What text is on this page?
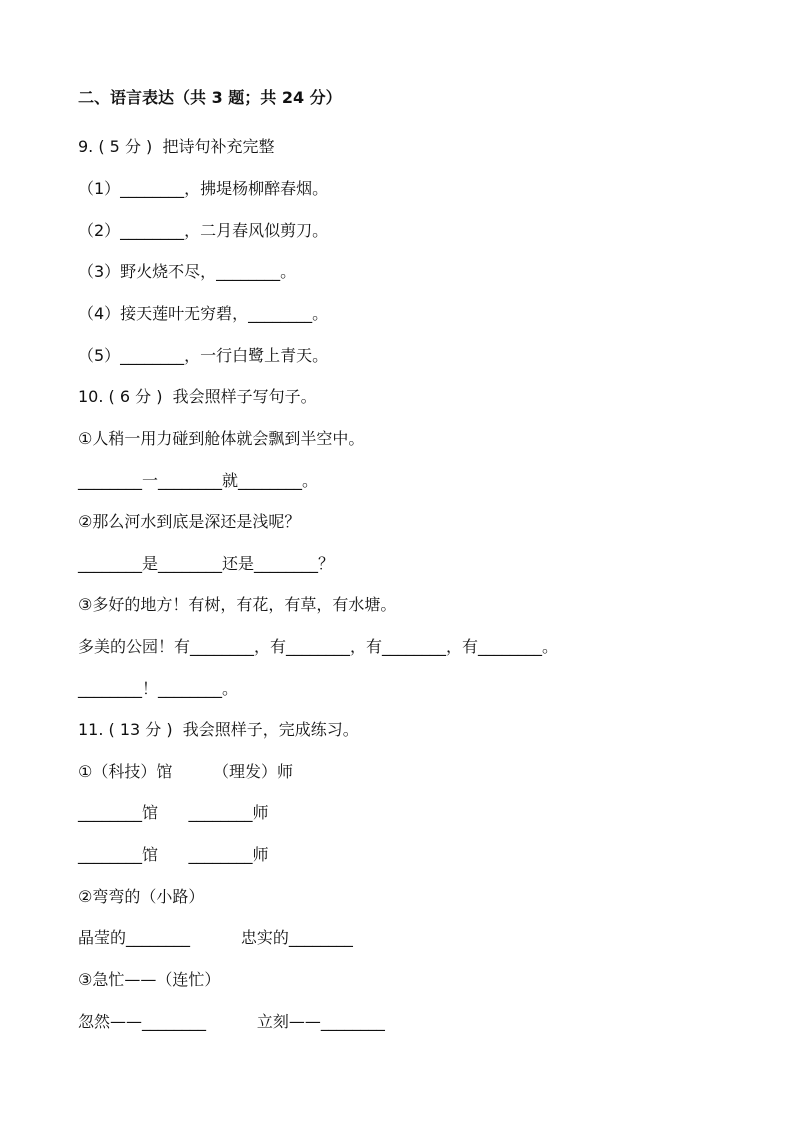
二、语言表达（共 3 题；共 24 分）
9. ( 5 分 )  把诗句补充完整
（1）________，拂堤杨柳醉春烟。
（2）________，二月春风似剪刀。
（3）野火烧不尽，________。
（4）接天莲叶无穷碧，________。
（5）________，一行白鹭上青天。
10. ( 6 分 )  我会照样子写句子。
①人稍一用力碰到舱体就会飘到半空中。
________一________就________。
②那么河水到底是深还是浅呢？
________是________还是________？
③多好的地方！有树，有花，有草，有水塘。
多美的公园！有________，有________，有________，有________。
________！________。
11. ( 13 分 )  我会照样子，完成练习。
①（科技）馆        （理发）师
________馆      ________师
________馆      ________师
②弯弯的（小路）
晶莹的________          忠实的________
③急忙——（连忙）
忽然——________          立刻——________
